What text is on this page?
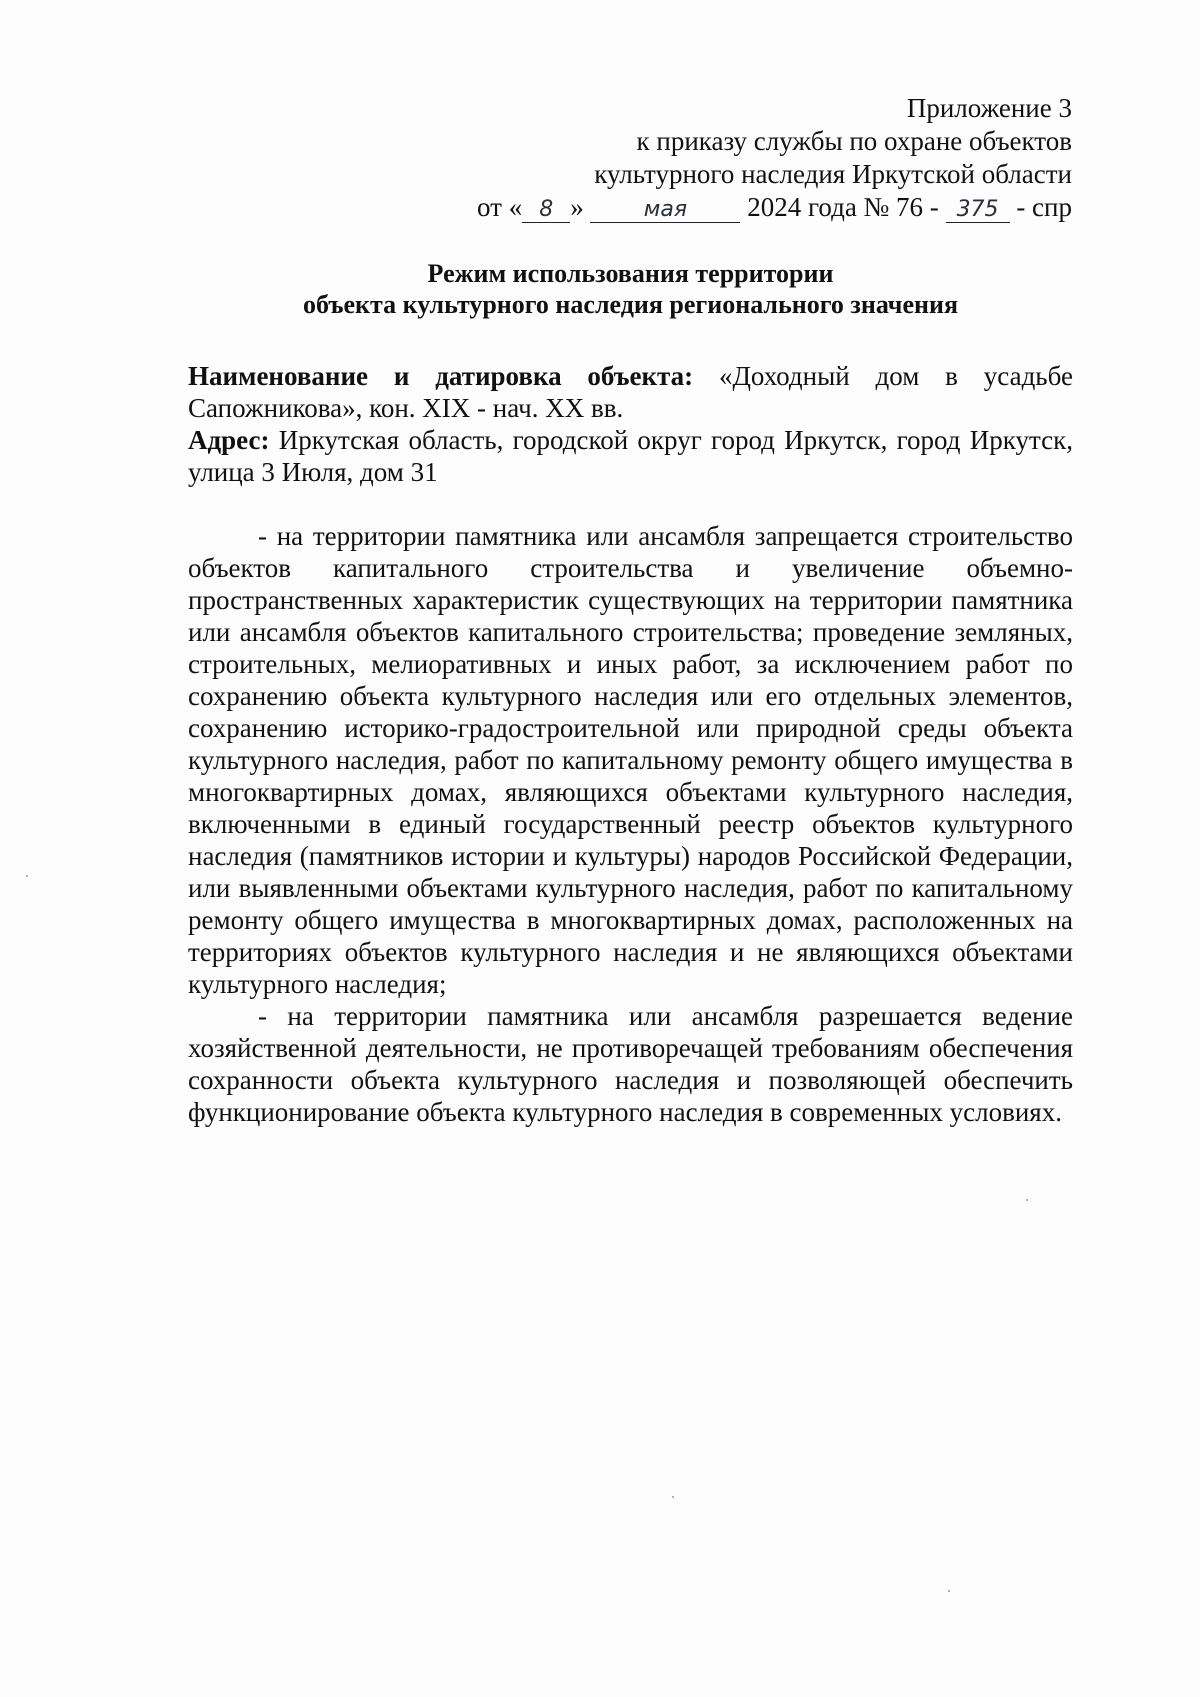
Приложение 3
к приказу службы по охране объектов
культурного наследия Иркутской области
от « 8 »	мая 2024 года № 76 - 375 - спр
Режим использования территории
объекта культурного наследия регионального значения

Наименование и датировка объекта: «Доходный дом в усадьбе Сапожникова», кон. XIX - нач. XX вв.

Адрес: Иркутская область, городской округ город Иркутск, город Иркутск, улица 3 Июля, дом 31

- на территории памятника или ансамбля запрещается строительство объектов капитального строительства и увеличение объемно-пространственных характеристик существующих на территории памятника или ансамбля объектов капитального строительства; проведение земляных, строительных, мелиоративных и иных работ, за исключением работ по сохранению объекта культурного наследия или его отдельных элементов, сохранению историко-градостроительной или природной среды объекта культурного наследия, работ по капитальному ремонту общего имущества в многоквартирных домах, являющихся объектами культурного наследия, включенными в единый государственный реестр объектов культурного наследия (памятников истории и культуры) народов Российской Федерации, или выявленными объектами культурного наследия, работ по капитальному ремонту общего имущества в многоквартирных домах, расположенных на территориях объектов культурного наследия и не являющихся объектами культурного наследия;

- на территории памятника или ансамбля разрешается ведение хозяйственной деятельности, не противоречащей требованиям обеспечения сохранности объекта культурного наследия и позволяющей обеспечить функционирование объекта культурного наследия в современных условиях.
